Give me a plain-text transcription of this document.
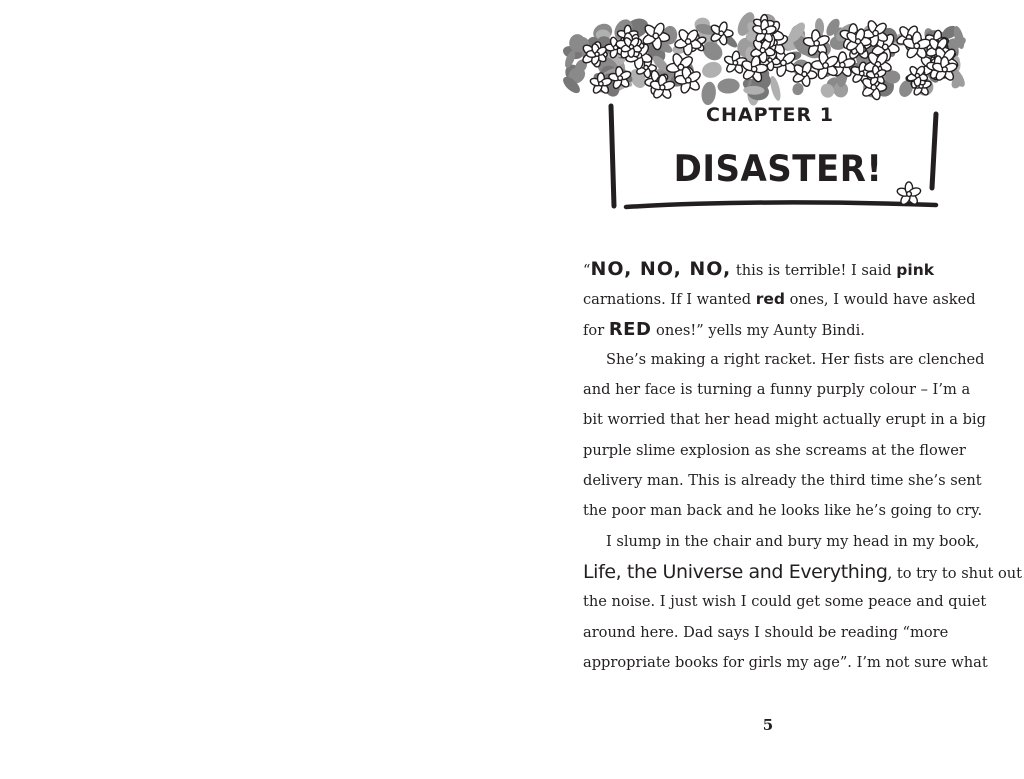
CHAPTER 1
DISASTER!
“NO, NO, NO, this is terrible! I said pink
carnations. If I wanted red ones, I would have asked
for RED ones!” yells my Aunty Bindi.
She’s making a right racket. Her fists are clenched
and her face is turning a funny purply colour – I’m a
bit worried that her head might actually erupt in a big
purple slime explosion as she screams at the flower
delivery man. This is already the third time she’s sent
the poor man back and he looks like he’s going to cry.
I slump in the chair and bury my head in my book,
Life, the Universe and Everything, to try to shut out
the noise. I just wish I could get some peace and quiet
around here. Dad says I should be reading “more
appropriate books for girls my age”. I’m not sure what
5
